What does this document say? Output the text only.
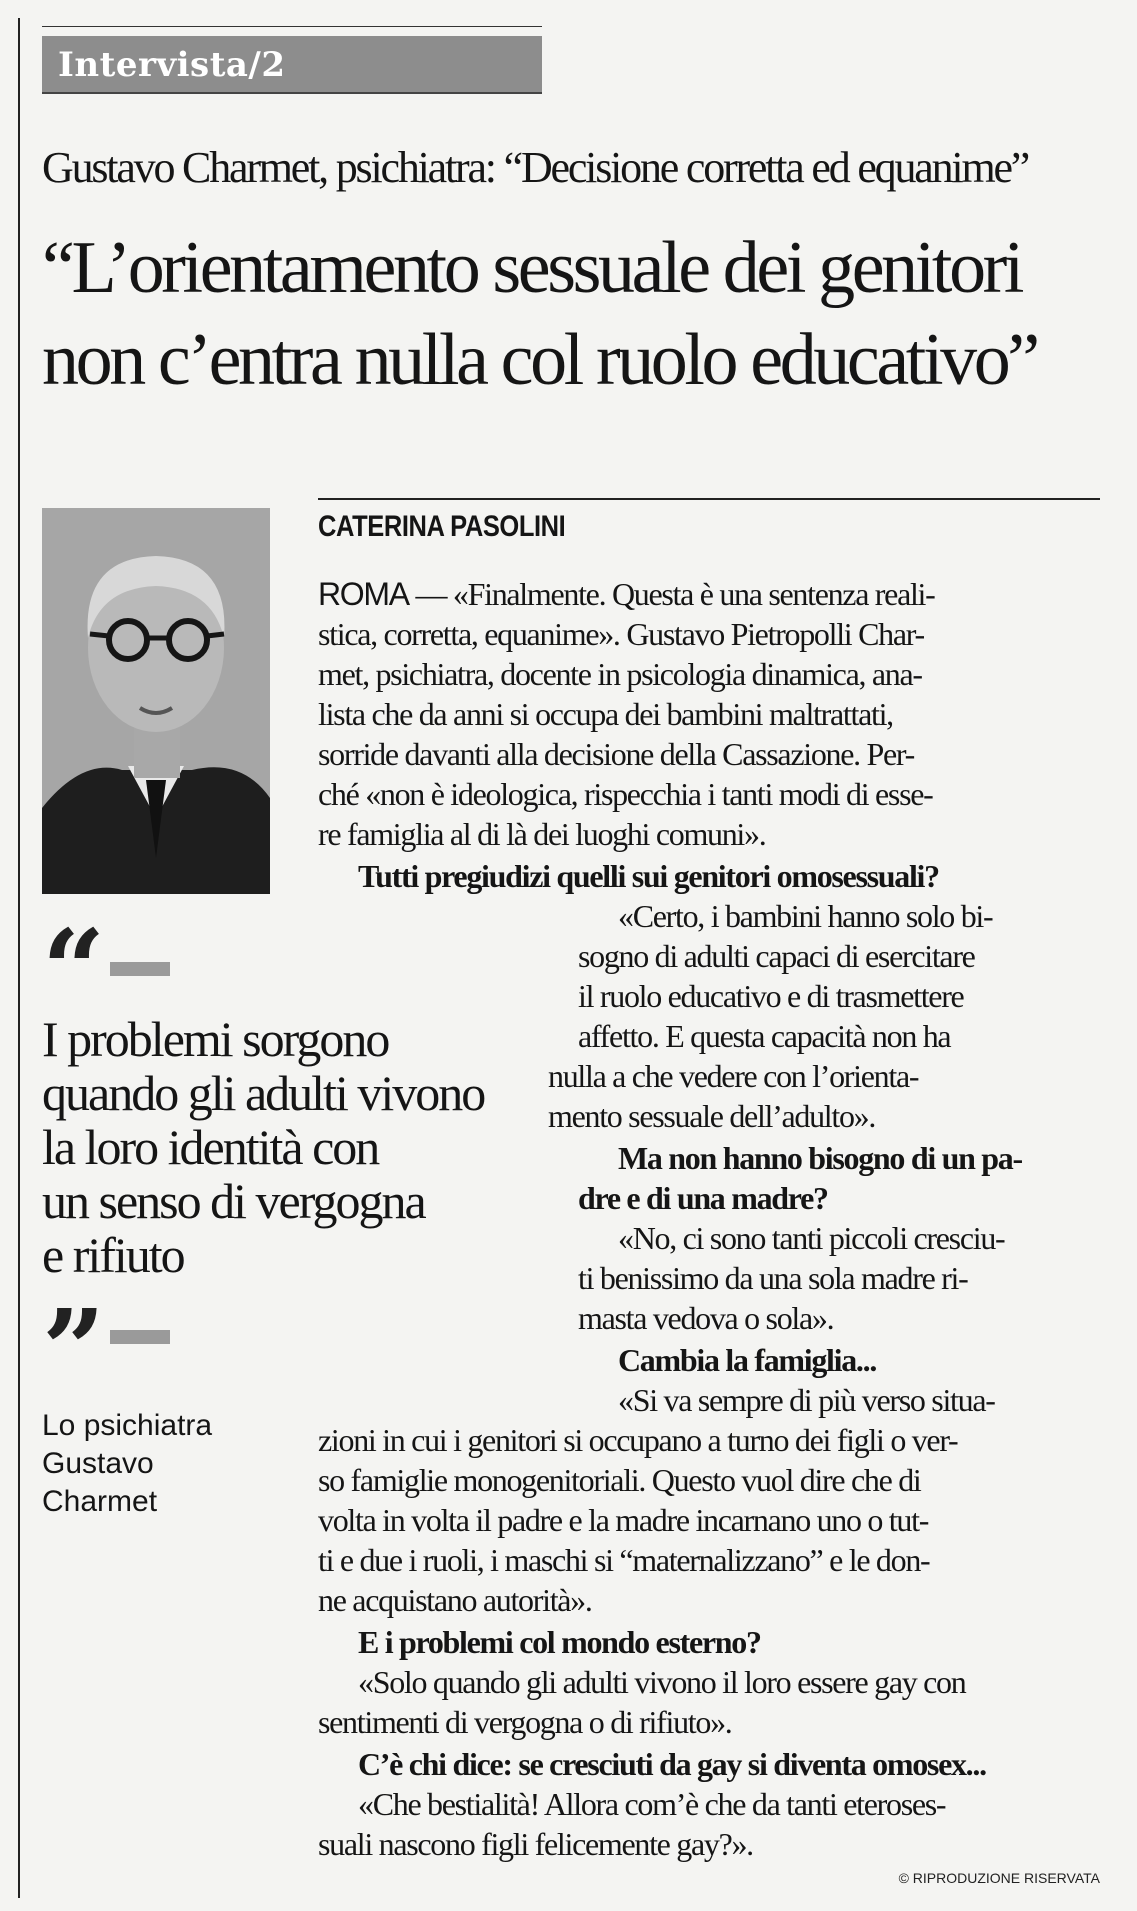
Intervista/2
Gustavo Charmet, psichiatra: “Decisione corretta ed equanime”
“L’orientamento sessuale dei genitori
non c’entra nulla col ruolo educativo”
CATERINA PASOLINI
“
I problemi sorgono
quando gli adulti vivono
la loro identità con
un senso di vergogna
e rifiuto
”
Lo psichiatra
Gustavo
Charmet
ROMA — «Finalmente. Questa è una sentenza reali-
stica, corretta, equanime». Gustavo Pietropolli Char-
met, psichiatra, docente in psicologia dinamica, ana-
lista che da anni si occupa dei bambini maltrattati,
sorride davanti alla decisione della Cassazione. Per-
ché «non è ideologica, rispecchia i tanti modi di esse-
re famiglia al di là dei luoghi comuni».
Tutti pregiudizi quelli sui genitori omosessuali?
«Certo, i bambini hanno solo bi-
sogno di adulti capaci di esercitare
il ruolo educativo e di trasmettere
affetto. E questa capacità non ha
nulla a che vedere con l’orienta-
mento sessuale dell’adulto».
Ma non hanno bisogno di un pa-
dre e di una madre?
«No, ci sono tanti piccoli cresciu-
ti benissimo da una sola madre ri-
masta vedova o sola».
Cambia la famiglia...
«Si va sempre di più verso situa-
zioni in cui i genitori si occupano a turno dei figli o ver-
so famiglie monogenitoriali. Questo vuol dire che di
volta in volta il padre e la madre incarnano uno o tut-
ti e due i ruoli, i maschi si “maternalizzano” e le don-
ne acquistano autorità».
E i problemi col mondo esterno?
«Solo quando gli adulti vivono il loro essere gay con
sentimenti di vergogna o di rifiuto».
C’è chi dice: se cresciuti da gay si diventa omosex...
«Che bestialità! Allora com’è che da tanti eteroses-
suali nascono figli felicemente gay?».
© RIPRODUZIONE RISERVATA
